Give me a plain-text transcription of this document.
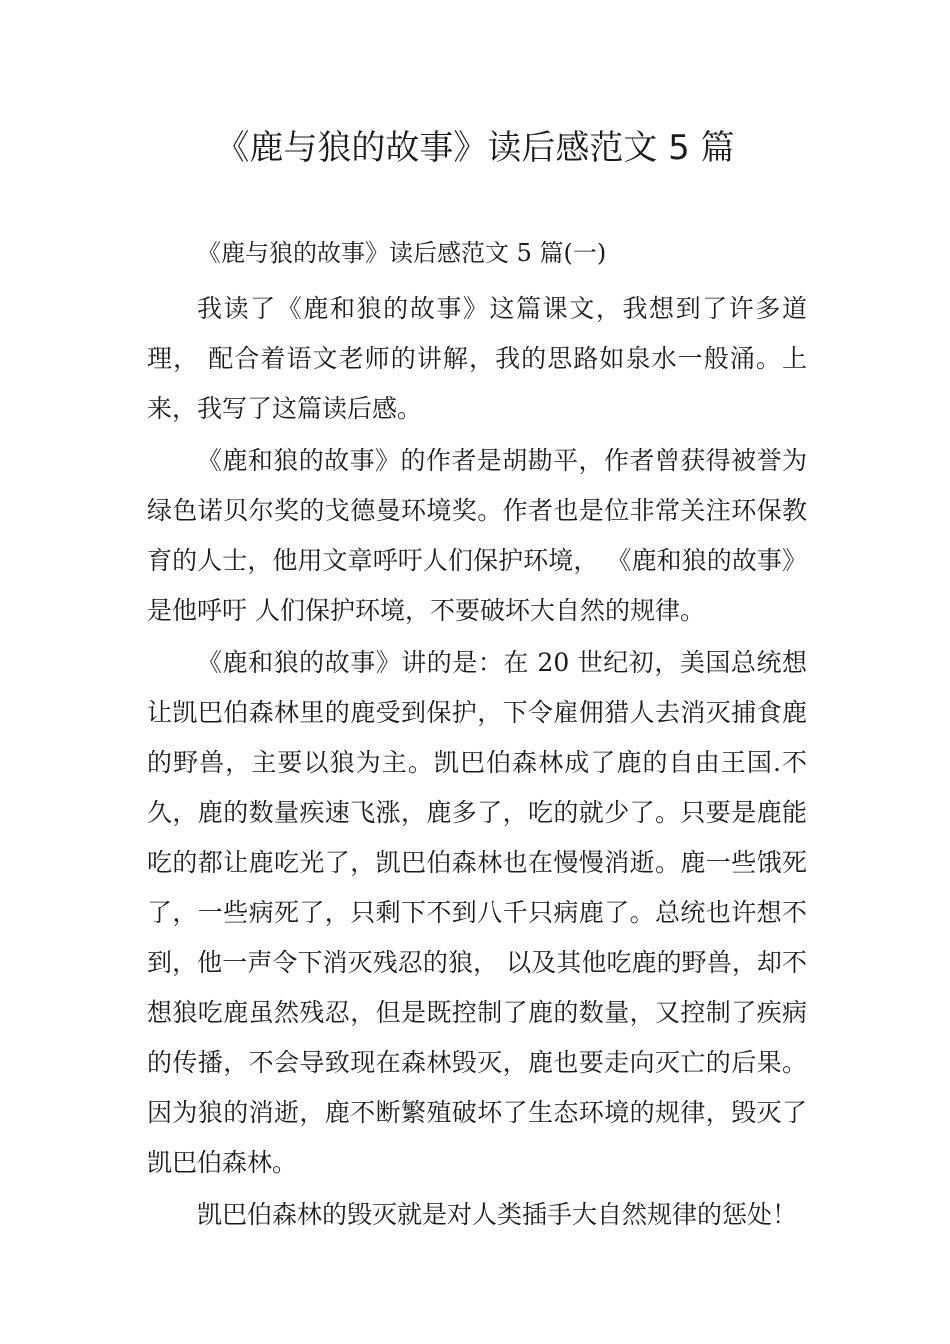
《鹿与狼的故事》读后感范文 5 篇

《鹿与狼的故事》读后感范文 5 篇(一)

我读了《鹿和狼的故事》这篇课文，我想到了许多道理， 配合着语文老师的讲解，我的思路如泉水一般涌。上来，我写了这篇读后感。

《鹿和狼的故事》的作者是胡勘平，作者曾获得被誉为绿色诺贝尔奖的戈德曼环境奖。作者也是位非常关注环保教育的人士，他用文章呼吁人们保护环境， 《鹿和狼的故事》是他呼吁 人们保护环境，不要破坏大自然的规律。

《鹿和狼的故事》讲的是：在 20 世纪初，美国总统想让凯巴伯森林里的鹿受到保护，下令雇佣猎人去消灭捕食鹿的野兽，主要以狼为主。凯巴伯森林成了鹿的自由王国.不久，鹿的数量疾速飞涨，鹿多了，吃的就少了。只要是鹿能吃的都让鹿吃光了，凯巴伯森林也在慢慢消逝。鹿一些饿死了，一些病死了，只剩下不到八千只病鹿了。总统也许想不到，他一声令下消灭残忍的狼， 以及其他吃鹿的野兽，却不想狼吃鹿虽然残忍，但是既控制了鹿的数量，又控制了疾病的传播，不会导致现在森林毁灭，鹿也要走向灭亡的后果。因为狼的消逝，鹿不断繁殖破坏了生态环境的规律，毁灭了凯巴伯森林。

凯巴伯森林的毁灭就是对人类插手大自然规律的惩处！
